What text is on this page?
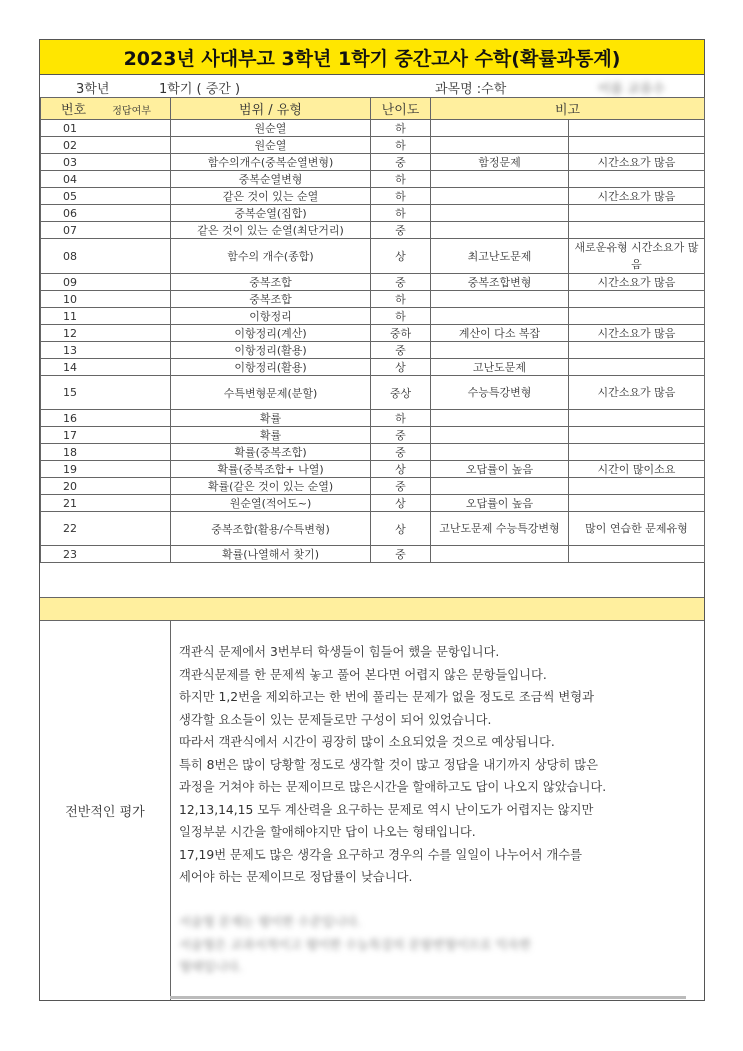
2023년 사대부고 3학년 1학기 중간고사 수학(확률과통계)
3학년	1학기 ( 중간 )	과목명 :수학	이름 교류수
번호 정답여부	범위 / 유형	난이도	비고	
01	원순열	하		
02	원순열	하		
03	함수의개수(중복순열변형)	중	함정문제	시간소요가 많음
04	중복순열변형	하		
05	같은 것이 있는 순열	하		시간소요가 많음
06	중복순열(집합)	하		
07	같은 것이 있는 순열(최단거리)	중		
08	함수의 개수(종합)	상	최고난도문제	새로운유형 시간소요가 많음
09	중복조합	중	중복조합변형	시간소요가 많음
10	중복조합	하		
11	이항정리	하		
12	이항정리(계산)	중하	계산이 다소 복잡	시간소요가 많음
13	이항정리(활용)	중		
14	이항정리(활용)	상	고난도문제	
15	수특변형문제(분할)	중상	수능특강변형	시간소요가 많음
16	확률	하		
17	확률	중		
18	확률(중복조합)	중		
19	확률(중복조합+ 나열)	상	오답률이 높음	시간이 많이소요
20	확률(같은 것이 있는 순열)	중		
21	원순열(적어도~)	상	오답률이 높음	
22	중복조합(활용/수특변형)	상	고난도문제 수능특강변형	많이 연습한 문제유형
23	확률(나열해서 찾기)	중		
전반적인 평가

객관식 문제에서 3번부터 학생들이 힘들어 했을 문항입니다.

객관식문제를 한 문제씩 놓고 풀어 본다면 어렵지 않은 문항들입니다.

하지만 1,2번을 제외하고는 한 번에 풀리는 문제가 없을 정도로 조금씩 변형과

생각할 요소들이 있는 문제들로만 구성이 되어 있었습니다.

따라서 객관식에서 시간이 굉장히 많이 소요되었을 것으로 예상됩니다.

특히 8번은 많이 당황할 정도로 생각할 것이 많고 정답을 내기까지 상당히 많은

과정을 거쳐야 하는 문제이므로 많은시간을 할애하고도 답이 나오지 않았습니다.

12,13,14,15 모두 계산력을 요구하는 문제로 역시 난이도가 어렵지는 않지만

일정부분 시간을 할애해야지만 답이 나오는 형태입니다.

17,19번 문제도 많은 생각을 요구하고 경우의 수를 일일이 나누어서 개수를

세어야 하는 문제이므로 정답률이 낮습니다.

서술형 문제는 평이한 수준입니다.

서술형은 교과서적이고 평이한 수능특강의 문항변형이므로 익숙한

형태입니다.
